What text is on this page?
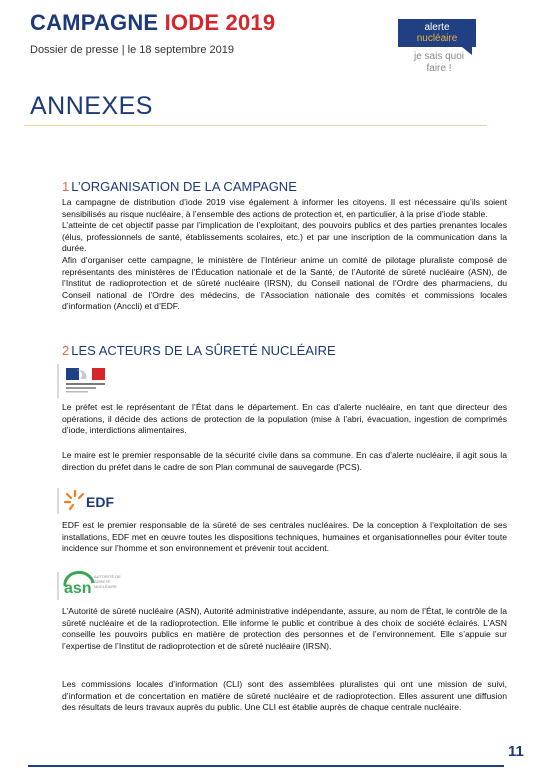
CAMPAGNE IODE 2019
Dossier de presse | le 18 septembre 2019
alerte
nucléaire
je sais quoi
faire !
ANNEXES
1 L’ORGANISATION DE LA CAMPAGNE

La campagne de distribution d’iode 2019 vise également à informer les citoyens. Il est nécessaire qu’ils soient sensibilisés au risque nucléaire, à l’ensemble des actions de protection et, en particulier, à la prise d’iode stable.

L’atteinte de cet objectif passe par l’implication de l’exploitant, des pouvoirs publics et des parties prenantes locales (élus, professionnels de santé, établissements scolaires, etc.) et par une inscription de la communication dans la durée.

Afin d’organiser cette campagne, le ministère de l’Intérieur anime un comité de pilotage pluraliste composé de représentants des ministères de l’Éducation nationale et de la Santé, de l’Autorité de sûreté nucléaire (ASN), de l’Institut de radioprotection et de sûreté nucléaire (IRSN), du Conseil national de l’Ordre des pharmaciens, du Conseil national de l’Ordre des médecins, de l’Association nationale des comités et commissions locales d’information (Anccli) et d’EDF.

2 LES ACTEURS DE LA SÛRETÉ NUCLÉAIRE
Le préfet est le représentant de l’État dans le département. En cas d’alerte nucléaire, en tant que directeur des opérations, il décide des actions de protection de la population (mise à l’abri, évacuation, ingestion de comprimés d’iode, interdictions alimentaires.
Le maire est le premier responsable de la sécurité civile dans sa commune. En cas d’alerte nucléaire, il agit sous la direction du préfet dans le cadre de son Plan communal de sauvegarde (PCS).
EDF
EDF est le premier responsable de la sûreté de ses centrales nucléaires. De la conception à l’exploitation de ses installations, EDF met en œuvre toutes les dispositions techniques, humaines et organisationnelles pour éviter toute incidence sur l’homme et son environnement et prévenir tout accident.
asn
AUTORITÉ DE SÛRETÉ NUCLÉAIRE
L’Autorité de sûreté nucléaire (ASN), Autorité administrative indépendante, assure, au nom de l’État, le contrôle de la sûreté nucléaire et de la radioprotection. Elle informe le public et contribue à des choix de société éclairés. L’ASN conseille les pouvoirs publics en matière de protection des personnes et de l’environnement. Elle s’appuie sur l’expertise de l’Institut de radioprotection et de sûreté nucléaire (IRSN).
Les commissions locales d’information (CLI) sont des assemblées pluralistes qui ont une mission de suivi, d’information et de concertation en matière de sûreté nucléaire et de radioprotection. Elles assurent une diffusion des résultats de leurs travaux auprès du public. Une CLI est établie auprès de chaque centrale nucléaire.
11
